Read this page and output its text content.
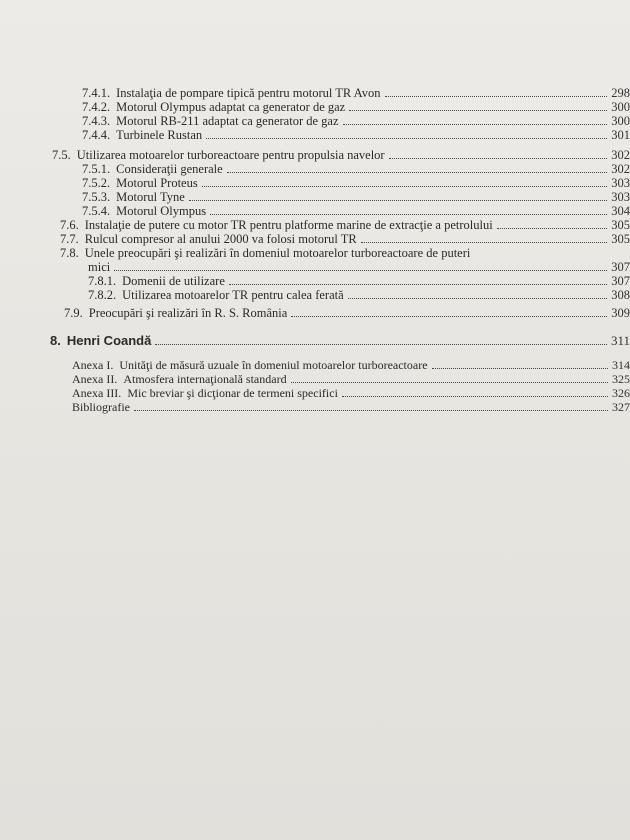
7.4.1. Instalaţia de pompare tipică pentru motorul TR Avon	298
7.4.2. Motorul Olympus adaptat ca generator de gaz	300
7.4.3. Motorul RB-211 adaptat ca generator de gaz	300
7.4.4. Turbinele Rustan	301
7.5. Utilizarea motoarelor turboreactoare pentru propulsia navelor	302
7.5.1. Consideraţii generale	302
7.5.2. Motorul Proteus	303
7.5.3. Motorul Tyne	303
7.5.4. Motorul Olympus	304
7.6. Instalaţie de putere cu motor TR pentru platforme marine de extracţie a petrolului	305
7.7. Rulcul compresor al anului 2000 va folosi motorul TR	305
7.8. Unele preocupări şi realizări în domeniul motoarelor turboreactoare de puteri
mici	307
7.8.1. Domenii de utilizare	307
7.8.2. Utilizarea motoarelor TR pentru calea ferată	308
7.9. Preocupări şi realizări în R. S. România	309
8. Henri Coandă	311
Anexa I. Unităţi de măsură uzuale în domeniul motoarelor turboreactoare	314
Anexa II. Atmosfera internaţională standard	325
Anexa III. Mic breviar şi dicţionar de termeni specifici	326
Bibliografie	327
